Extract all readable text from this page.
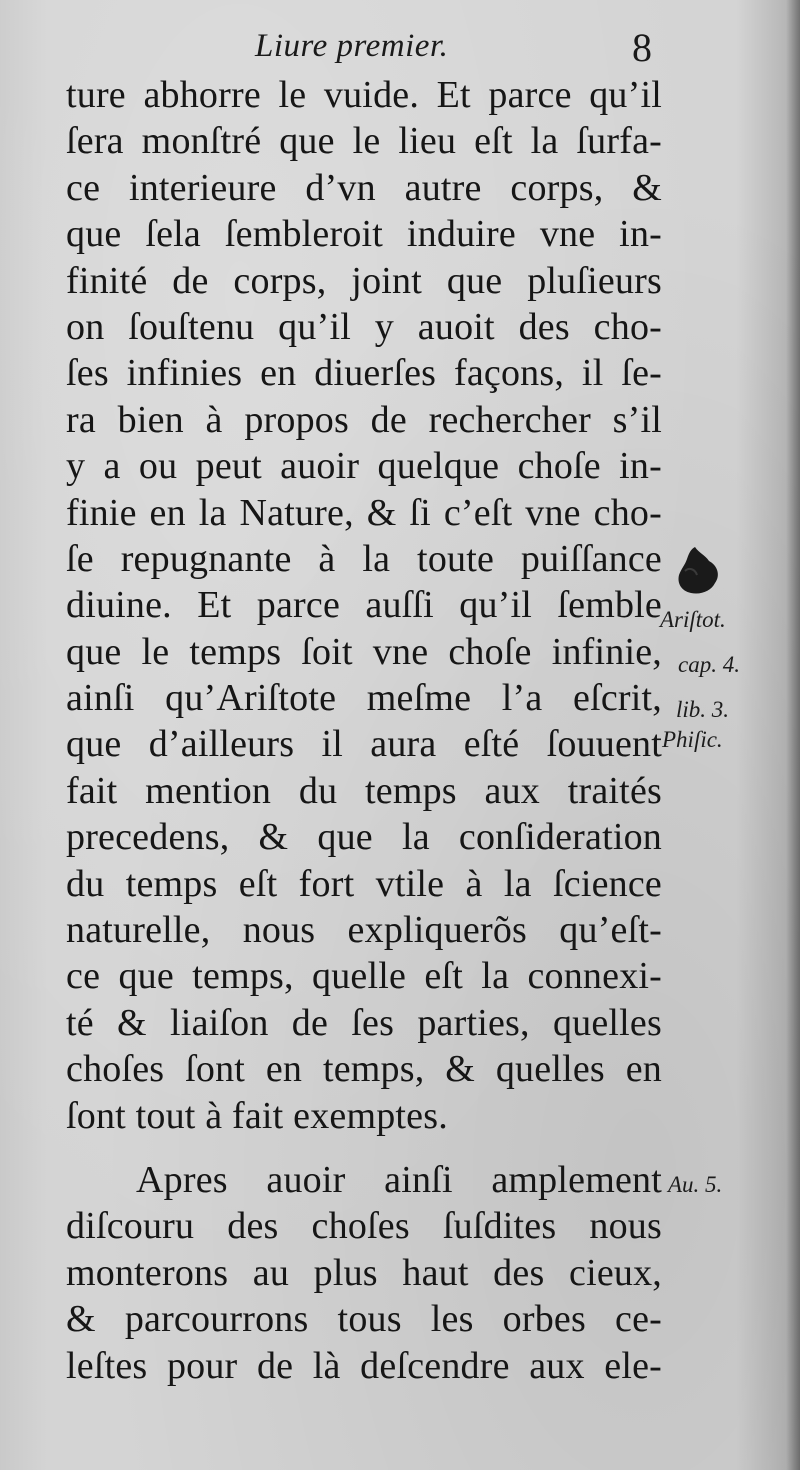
Liure premier.	8
ture abhorre le vuide. Et parce qu’il
ſera monſtré que le lieu eſt la ſurfa-
ce interieure d’vn autre corps, &
que ſela ſembleroit induire vne in-
finité de corps, joint que pluſieurs
on ſouſtenu qu’il y auoit des cho-
ſes infinies en diuerſes façons, il ſe-
ra bien à propos de rechercher s’il
y a ou peut auoir quelque choſe in-
finie en la Nature, & ſi c’eſt vne cho-
ſe repugnante à la toute puiſſance
diuine. Et parce auſſi qu’il ſemble
que le temps ſoit vne choſe infinie,
ainſi qu’Ariſtote meſme l’a eſcrit,
que d’ailleurs il aura eſté ſouuent
fait mention du temps aux traités
precedens, & que la conſideration
du temps eſt fort vtile à la ſcience
naturelle, nous expliquerõs qu’eſt-
ce que temps, quelle eſt la connexi-
té & liaiſon de ſes parties, quelles
choſes ſont en temps, & quelles en
ſont tout à fait exemptes.
Apres auoir ainſi amplement
diſcouru des choſes ſuſdites nous
monterons au plus haut des cieux,
& parcourrons tous les orbes ce-
leſtes pour de là deſcendre aux ele-
Ariſtot.
cap. 4.
lib. 3.
Phiſic.
Au. 5.
